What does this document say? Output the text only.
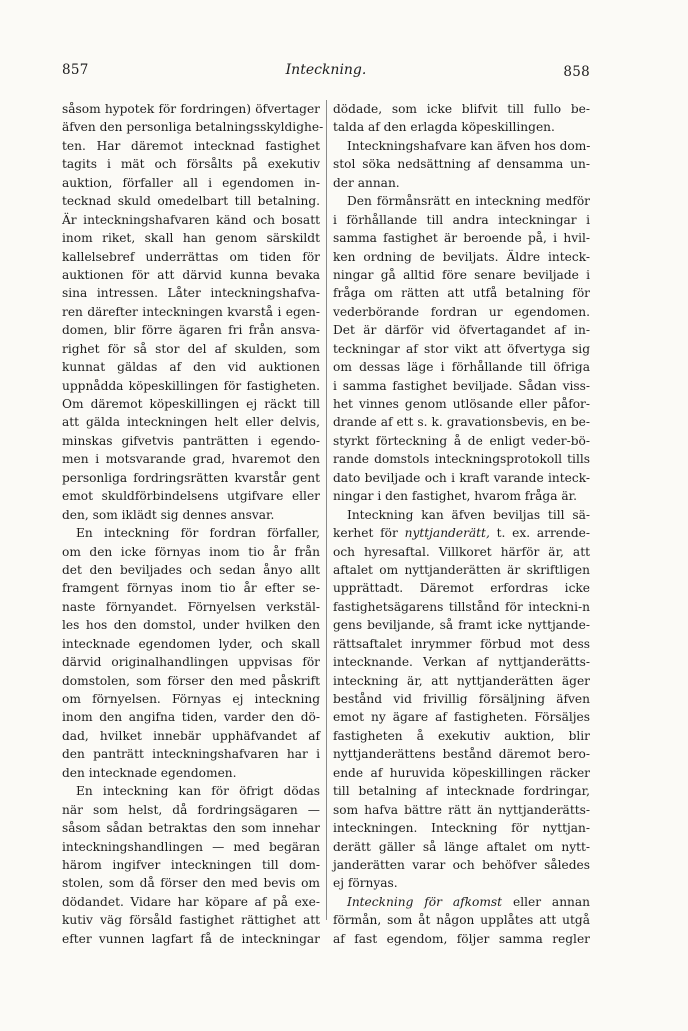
857	Inteckning.	858
såsom hypotek för fordringen) öfvertager
äfven den personliga betalningsskyldighe-
ten. Har däremot intecknad fastighet
tagits i mät och försålts på exekutiv
auktion, förfaller all i egendomen in-
tecknad skuld omedelbart till betalning.
Är inteckningshafvaren känd och bosatt
inom riket, skall han genom särskildt
kallelsebref underrättas om tiden för
auktionen för att därvid kunna bevaka
sina intressen. Låter inteckningshafva-
ren därefter inteckningen kvarstå i egen-
domen, blir förre ägaren fri från ansva-
righet för så stor del af skulden, som
kunnat gäldas af den vid auktionen
uppnådda köpeskillingen för fastigheten.
Om däremot köpeskillingen ej räckt till
att gälda inteckningen helt eller delvis,
minskas gifvetvis panträtten i egendo-
men i motsvarande grad, hvaremot den
personliga fordringsrätten kvarstår gent
emot skuldförbindelsens utgifvare eller
den, som iklädt sig dennes ansvar.
En inteckning för fordran förfaller,
om den icke förnyas inom tio år från
det den beviljades och sedan ånyo allt
framgent förnyas inom tio år efter se-
naste förnyandet. Förnyelsen verkstäl-
les hos den domstol, under hvilken den
intecknade egendomen lyder, och skall
därvid originalhandlingen uppvisas för
domstolen, som förser den med påskrift
om förnyelsen. Förnyas ej inteckning
inom den angifna tiden, varder den dö-
dad, hvilket innebär upphäfvandet af
den panträtt inteckningshafvaren har i
den intecknade egendomen.
En inteckning kan för öfrigt dödas
när som helst, då fordringsägaren —
såsom sådan betraktas den som innehar
inteckningshandlingen — med begäran
härom ingifver inteckningen till dom-
stolen, som då förser den med bevis om
dödandet. Vidare har köpare af på exe-
kutiv väg försåld fastighet rättighet att
efter vunnen lagfart få de inteckningar
dödade, som icke blifvit till fullo be-
talda af den erlagda köpeskillingen.
Inteckningshafvare kan äfven hos dom-
stol söka nedsättning af densamma un-
der annan.
Den förmånsrätt en inteckning medför
i förhållande till andra inteckningar i
samma fastighet är beroende på, i hvil-
ken ordning de beviljats. Äldre inteck-
ningar gå alltid före senare beviljade i
fråga om rätten att utfå betalning för
vederbörande fordran ur egendomen.
Det är därför vid öfvertagandet af in-
teckningar af stor vikt att öfvertyga sig
om dessas läge i förhållande till öfriga
i samma fastighet beviljade. Sådan viss-
het vinnes genom utlösande eller påfor-
drande af ett s. k. gravationsbevis, en be-
styrkt förteckning å de enligt veder-bö-
rande domstols inteckningsprotokoll tills
dato beviljade och i kraft varande inteck-
ningar i den fastighet, hvarom fråga är.
Inteckning kan äfven beviljas till sä-
kerhet för nyttjanderätt, t. ex. arrende-
och hyresaftal. Villkoret härför är, att
aftalet om nyttjanderätten är skriftligen
upprättadt. Däremot erfordras icke
fastighetsägarens tillstånd för inteckni-n
gens beviljande, så framt icke nyttjande-
rättsaftalet inrymmer förbud mot dess
intecknande. Verkan af nyttjanderätts-
inteckning är, att nyttjanderätten äger
bestånd vid frivillig försäljning äfven
emot ny ägare af fastigheten. Försäljes
fastigheten å exekutiv auktion, blir
nyttjanderättens bestånd däremot bero-
ende af huruvida köpeskillingen räcker
till betalning af intecknade fordringar,
som hafva bättre rätt än nyttjanderätts-
inteckningen. Inteckning för nyttjan-
derätt gäller så länge aftalet om nytt-
janderätten varar och behöfver således
ej förnyas.
Inteckning för afkomst eller annan
förmån, som åt någon upplåtes att utgå
af fast egendom, följer samma regler
